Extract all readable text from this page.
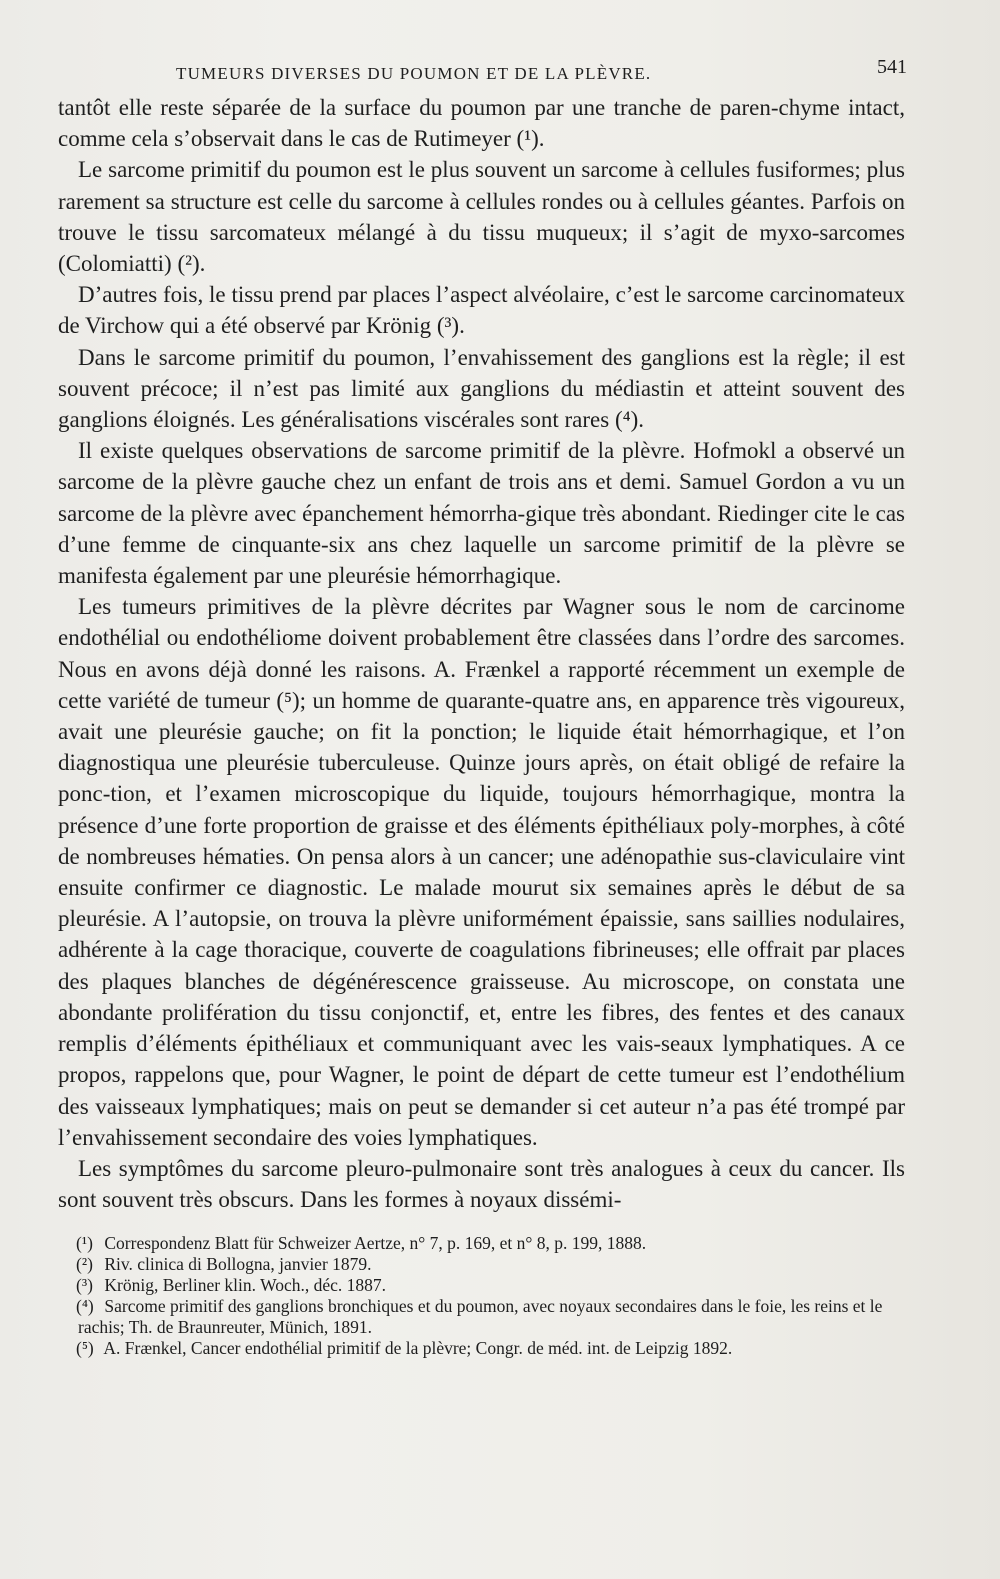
TUMEURS DIVERSES DU POUMON ET DE LA PLÈVRE.	541

tantôt elle reste séparée de la surface du poumon par une tranche de paren-chyme intact, comme cela s’observait dans le cas de Rutimeyer (¹).

Le sarcome primitif du poumon est le plus souvent un sarcome à cellules fusiformes; plus rarement sa structure est celle du sarcome à cellules rondes ou à cellules géantes. Parfois on trouve le tissu sarcomateux mélangé à du tissu muqueux; il s’agit de myxo-sarcomes (Colomiatti) (²).

D’autres fois, le tissu prend par places l’aspect alvéolaire, c’est le sarcome carcinomateux de Virchow qui a été observé par Krönig (³).

Dans le sarcome primitif du poumon, l’envahissement des ganglions est la règle; il est souvent précoce; il n’est pas limité aux ganglions du médiastin et atteint souvent des ganglions éloignés. Les généralisations viscérales sont rares (⁴).

Il existe quelques observations de sarcome primitif de la plèvre. Hofmokl a observé un sarcome de la plèvre gauche chez un enfant de trois ans et demi. Samuel Gordon a vu un sarcome de la plèvre avec épanchement hémorrha-gique très abondant. Riedinger cite le cas d’une femme de cinquante-six ans chez laquelle un sarcome primitif de la plèvre se manifesta également par une pleurésie hémorrhagique.

Les tumeurs primitives de la plèvre décrites par Wagner sous le nom de carcinome endothélial ou endothéliome doivent probablement être classées dans l’ordre des sarcomes. Nous en avons déjà donné les raisons. A. Frænkel a rapporté récemment un exemple de cette variété de tumeur (⁵); un homme de quarante-quatre ans, en apparence très vigoureux, avait une pleurésie gauche; on fit la ponction; le liquide était hémorrhagique, et l’on diagnostiqua une pleurésie tuberculeuse. Quinze jours après, on était obligé de refaire la ponc-tion, et l’examen microscopique du liquide, toujours hémorrhagique, montra la présence d’une forte proportion de graisse et des éléments épithéliaux poly-morphes, à côté de nombreuses hématies. On pensa alors à un cancer; une adénopathie sus-claviculaire vint ensuite confirmer ce diagnostic. Le malade mourut six semaines après le début de sa pleurésie. A l’autopsie, on trouva la plèvre uniformément épaissie, sans saillies nodulaires, adhérente à la cage thoracique, couverte de coagulations fibrineuses; elle offrait par places des plaques blanches de dégénérescence graisseuse. Au microscope, on constata une abondante prolifération du tissu conjonctif, et, entre les fibres, des fentes et des canaux remplis d’éléments épithéliaux et communiquant avec les vais-seaux lymphatiques. A ce propos, rappelons que, pour Wagner, le point de départ de cette tumeur est l’endothélium des vaisseaux lymphatiques; mais on peut se demander si cet auteur n’a pas été trompé par l’envahissement secondaire des voies lymphatiques.

Les symptômes du sarcome pleuro-pulmonaire sont très analogues à ceux du cancer. Ils sont souvent très obscurs. Dans les formes à noyaux dissémi-

(¹) Correspondenz Blatt für Schweizer Aertze, n° 7, p. 169, et n° 8, p. 199, 1888.
(²) Riv. clinica di Bollogna, janvier 1879.
(³) Krönig, Berliner klin. Woch., déc. 1887.
(⁴) Sarcome primitif des ganglions bronchiques et du poumon, avec noyaux secondaires dans le foie, les reins et le rachis; Th. de Braunreuter, Münich, 1891.
(⁵) A. Frænkel, Cancer endothélial primitif de la plèvre; Congr. de méd. int. de Leipzig 1892.
